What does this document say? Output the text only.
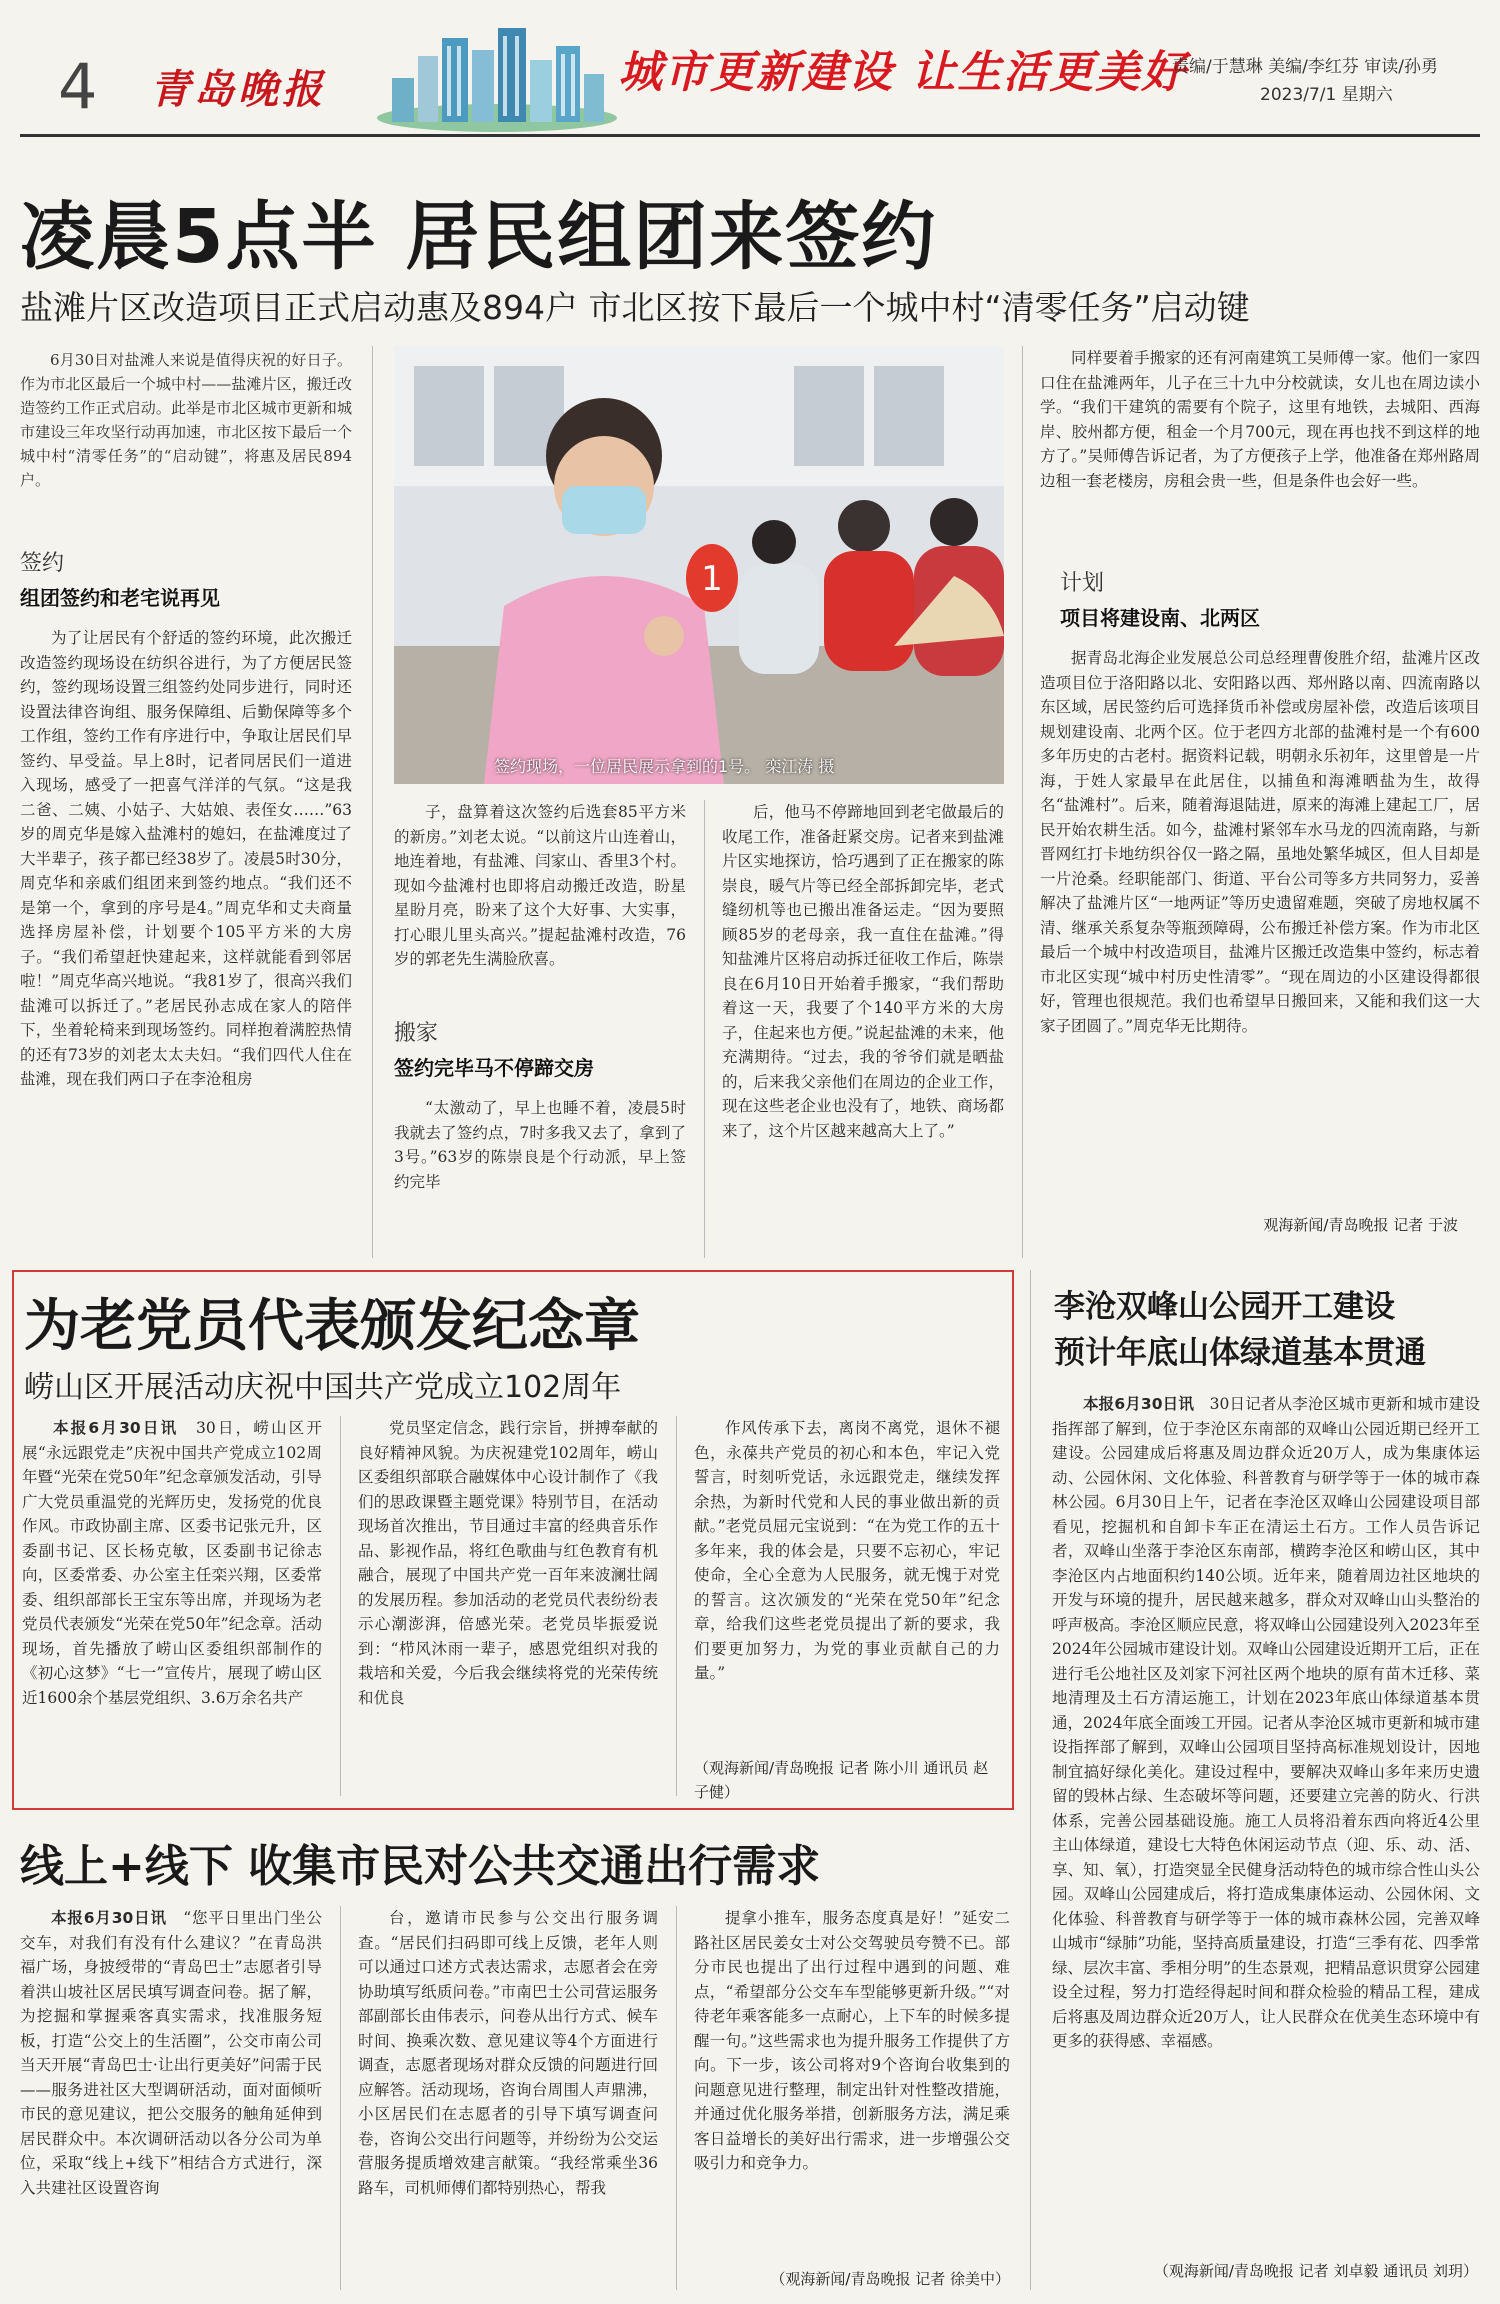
4 青岛晚报	城市更新建设 让生活更美好
责编/于慧琳 美编/李红芬 审读/孙勇
2023/7/1 星期六
凌晨5点半 居民组团来签约
盐滩片区改造项目正式启动惠及894户 市北区按下最后一个城中村“清零任务”启动键

6月30日对盐滩人来说是值得庆祝的好日子。作为市北区最后一个城中村——盐滩片区，搬迁改造签约工作正式启动。此举是市北区城市更新和城市建设三年攻坚行动再加速，市北区按下最后一个城中村“清零任务”的“启动键”，将惠及居民894户。

签约
组团签约和老宅说再见

为了让居民有个舒适的签约环境，此次搬迁改造签约现场设在纺织谷进行，为了方便居民签约，签约现场设置三组签约处同步进行，同时还设置法律咨询组、服务保障组、后勤保障等多个工作组，签约工作有序进行中，争取让居民们早签约、早受益。早上8时，记者同居民们一道进入现场，感受了一把喜气洋洋的气氛。“这是我二爸、二姨、小姑子、大姑娘、表侄女……”63岁的周克华是嫁入盐滩村的媳妇，在盐滩度过了大半辈子，孩子都已经38岁了。凌晨5时30分，周克华和亲戚们组团来到签约地点。“我们还不是第一个，拿到的序号是4。”周克华和丈夫商量选择房屋补偿，计划要个105平方米的大房子。“我们希望赶快建起来，这样就能看到邻居啦！”周克华高兴地说。“我81岁了，很高兴我们盐滩可以拆迁了。”老居民孙志成在家人的陪伴下，坐着轮椅来到现场签约。同样抱着满腔热情的还有73岁的刘老太太夫妇。“我们四代人住在盐滩，现在我们两口子在李沧租房

1
签约现场，一位居民展示拿到的1号。 栾江涛 摄

子，盘算着这次签约后选套85平方米的新房。”刘老太说。“以前这片山连着山，地连着地，有盐滩、闫家山、香里3个村。现如今盐滩村也即将启动搬迁改造，盼星星盼月亮，盼来了这个大好事、大实事，打心眼儿里头高兴。”提起盐滩村改造，76岁的郭老先生满脸欣喜。

搬家
签约完毕马不停蹄交房

“太激动了，早上也睡不着，凌晨5时我就去了签约点，7时多我又去了，拿到了3号。”63岁的陈崇良是个行动派，早上签约完毕

后，他马不停蹄地回到老宅做最后的收尾工作，准备赶紧交房。记者来到盐滩片区实地探访，恰巧遇到了正在搬家的陈崇良，暖气片等已经全部拆卸完毕，老式缝纫机等也已搬出准备运走。“因为要照顾85岁的老母亲，我一直住在盐滩。”得知盐滩片区将启动拆迁征收工作后，陈崇良在6月10日开始着手搬家，“我们帮助着这一天，我要了个140平方米的大房子，住起来也方便。”说起盐滩的未来，他充满期待。“过去，我的爷爷们就是晒盐的，后来我父亲他们在周边的企业工作，现在这些老企业也没有了，地铁、商场都来了，这个片区越来越高大上了。”

同样要着手搬家的还有河南建筑工吴师傅一家。他们一家四口住在盐滩两年，儿子在三十九中分校就读，女儿也在周边读小学。“我们干建筑的需要有个院子，这里有地铁，去城阳、西海岸、胶州都方便，租金一个月700元，现在再也找不到这样的地方了。”吴师傅告诉记者，为了方便孩子上学，他准备在郑州路周边租一套老楼房，房租会贵一些，但是条件也会好一些。

计划
项目将建设南、北两区

据青岛北海企业发展总公司总经理曹俊胜介绍，盐滩片区改造项目位于洛阳路以北、安阳路以西、郑州路以南、四流南路以东区域，居民签约后可选择货币补偿或房屋补偿，改造后该项目规划建设南、北两个区。位于老四方北部的盐滩村是一个有600多年历史的古老村。据资料记载，明朝永乐初年，这里曾是一片海，于姓人家最早在此居住，以捕鱼和海滩晒盐为生，故得名“盐滩村”。后来，随着海退陆进，原来的海滩上建起工厂，居民开始农耕生活。如今，盐滩村紧邻车水马龙的四流南路，与新晋网红打卡地纺织谷仅一路之隔，虽地处繁华城区，但人目却是一片沧桑。经职能部门、街道、平台公司等多方共同努力，妥善解决了盐滩片区“一地两证”等历史遗留难题，突破了房地权属不清、继承关系复杂等瓶颈障碍，公布搬迁补偿方案。作为市北区最后一个城中村改造项目，盐滩片区搬迁改造集中签约，标志着市北区实现“城中村历史性清零”。“现在周边的小区建设得都很好，管理也很规范。我们也希望早日搬回来，又能和我们这一大家子团圆了。”周克华无比期待。

观海新闻/青岛晚报 记者 于波
为老党员代表颁发纪念章
崂山区开展活动庆祝中国共产党成立102周年

本报6月30日讯　 30日，崂山区开展“永远跟党走”庆祝中国共产党成立102周年暨“光荣在党50年”纪念章颁发活动，引导广大党员重温党的光辉历史，发扬党的优良作风。市政协副主席、区委书记张元升，区委副书记、区长杨克敏，区委副书记徐志向，区委常委、办公室主任栾兴翔，区委常委、组织部部长王宝东等出席，并现场为老党员代表颁发“光荣在党50年”纪念章。活动现场，首先播放了崂山区委组织部制作的《初心这梦》“七一”宣传片，展现了崂山区近1600余个基层党组织、3.6万余名共产

党员坚定信念，践行宗旨，拼搏奉献的良好精神风貌。为庆祝建党102周年，崂山区委组织部联合融媒体中心设计制作了《我们的思政课暨主题党课》特别节目，在活动现场首次推出，节目通过丰富的经典音乐作品、影视作品，将红色歌曲与红色教育有机融合，展现了中国共产党一百年来波澜壮阔的发展历程。参加活动的老党员代表纷纷表示心潮澎湃，倍感光荣。老党员毕振爱说到：“栉风沐雨一辈子，感恩党组织对我的栽培和关爱，今后我会继续将党的光荣传统和优良

作风传承下去，离岗不离党，退休不褪色，永葆共产党员的初心和本色，牢记入党誓言，时刻听党话，永远跟党走，继续发挥余热，为新时代党和人民的事业做出新的贡献。”老党员屈元宝说到：“在为党工作的五十多年来，我的体会是，只要不忘初心，牢记使命，全心全意为人民服务，就无愧于对党的誓言。这次颁发的“光荣在党50年”纪念章，给我们这些老党员提出了新的要求，我们要更加努力，为党的事业贡献自己的力量。”

（观海新闻/青岛晚报 记者 陈小川 通讯员 赵子健）
李沧双峰山公园开工建设
预计年底山体绿道基本贯通

本报6月30日讯　 30日记者从李沧区城市更新和城市建设指挥部了解到，位于李沧区东南部的双峰山公园近期已经开工建设。公园建成后将惠及周边群众近20万人，成为集康体运动、公园休闲、文化体验、科普教育与研学等于一体的城市森林公园。6月30日上午，记者在李沧区双峰山公园建设项目部看见，挖掘机和自卸卡车正在清运土石方。工作人员告诉记者，双峰山坐落于李沧区东南部，横跨李沧区和崂山区，其中李沧区内占地面积约140公顷。近年来，随着周边社区地块的开发与环境的提升，居民越来越多，群众对双峰山山头整治的呼声极高。李沧区顺应民意，将双峰山公园建设列入2023年至2024年公园城市建设计划。双峰山公园建设近期开工后，正在进行毛公地社区及刘家下河社区两个地块的原有苗木迁移、菜地清理及土石方清运施工，计划在2023年底山体绿道基本贯通，2024年底全面竣工开园。记者从李沧区城市更新和城市建设指挥部了解到，双峰山公园项目坚持高标准规划设计，因地制宜搞好绿化美化。建设过程中，要解决双峰山多年来历史遗留的毁林占绿、生态破坏等问题，还要建立完善的防火、行洪体系，完善公园基础设施。施工人员将沿着东西向将近4公里主山体绿道，建设七大特色休闲运动节点（迎、乐、动、活、享、知、氧），打造突显全民健身活动特色的城市综合性山头公园。双峰山公园建成后，将打造成集康体运动、公园休闲、文化体验、科普教育与研学等于一体的城市森林公园，完善双峰山城市“绿肺”功能，坚持高质量建设，打造“三季有花、四季常绿、层次丰富、季相分明”的生态景观，把精品意识贯穿公园建设全过程，努力打造经得起时间和群众检验的精品工程，建成后将惠及周边群众近20万人，让人民群众在优美生态环境中有更多的获得感、幸福感。

（观海新闻/青岛晚报 记者 刘卓毅 通讯员 刘玥）
线上+线下 收集市民对公共交通出行需求

本报6月30日讯　 “您平日里出门坐公交车，对我们有没有什么建议？”在青岛洪福广场，身披绶带的“青岛巴士”志愿者引导着洪山坡社区居民填写调查问卷。据了解，为挖掘和掌握乘客真实需求，找准服务短板，打造“公交上的生活圈”，公交市南公司当天开展“青岛巴士·让出行更美好”问需于民——服务进社区大型调研活动，面对面倾听市民的意见建议，把公交服务的触角延伸到居民群众中。本次调研活动以各分公司为单位，采取“线上+线下”相结合方式进行，深入共建社区设置咨询

台，邀请市民参与公交出行服务调查。“居民们扫码即可线上反馈，老年人则可以通过口述方式表达需求，志愿者会在旁协助填写纸质问卷。”市南巴士公司营运服务部副部长由伟表示，问卷从出行方式、候车时间、换乘次数、意见建议等4个方面进行调查，志愿者现场对群众反馈的问题进行回应解答。活动现场，咨询台周围人声鼎沸，小区居民们在志愿者的引导下填写调查问卷，咨询公交出行问题等，并纷纷为公交运营服务提质增效建言献策。“我经常乘坐36路车，司机师傅们都特别热心，帮我

提拿小推车，服务态度真是好！”延安二路社区居民姜女士对公交驾驶员夸赞不已。部分市民也提出了出行过程中遇到的问题、难点，“希望部分公交车车型能够更新升级。”“对待老年乘客能多一点耐心，上下车的时候多提醒一句。”这些需求也为提升服务工作提供了方向。下一步，该公司将对9个咨询台收集到的问题意见进行整理，制定出针对性整改措施，并通过优化服务举措，创新服务方法，满足乘客日益增长的美好出行需求，进一步增强公交吸引力和竞争力。

（观海新闻/青岛晚报 记者 徐美中）
